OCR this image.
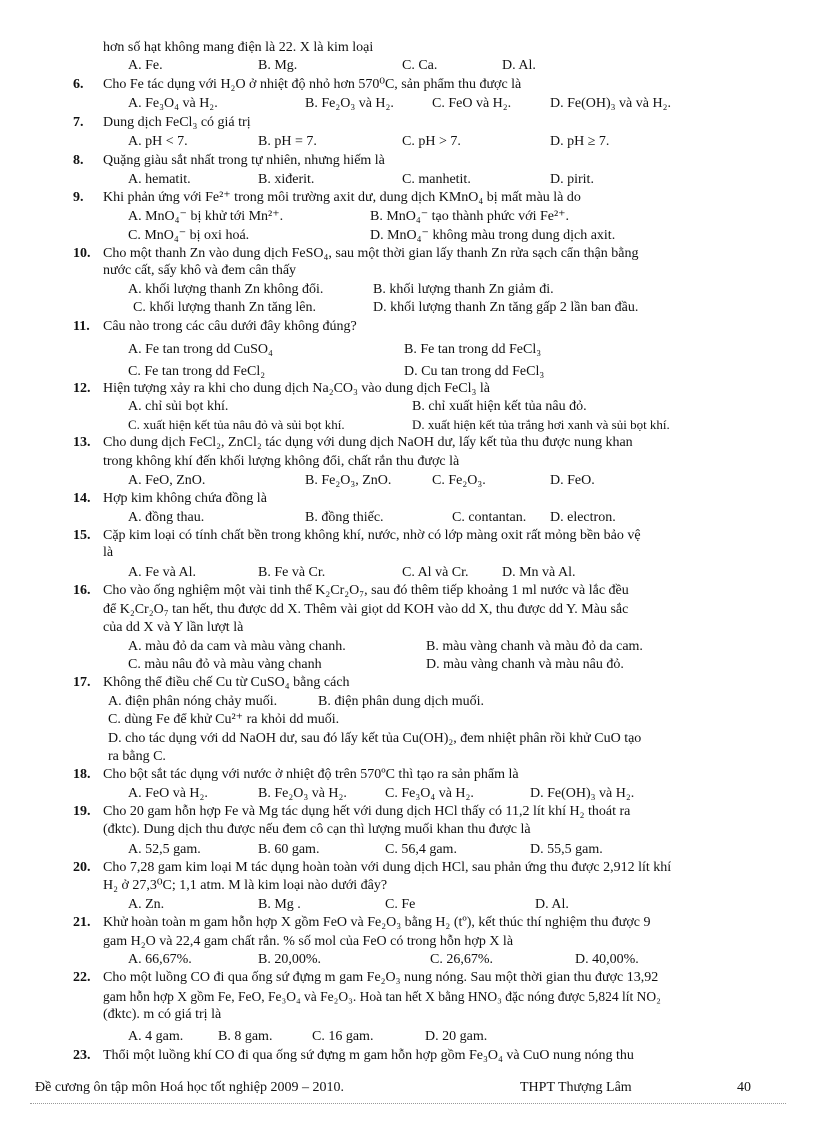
hơn số hạt không mang điện là 22. X là kim loại
A. Fe.	B. Mg.	C. Ca.	D. Al.
6. Cho Fe tác dụng với H₂O ở nhiệt độ nhỏ hơn 570⁰C, sản phẩm thu được là
A. Fe₃O₄ và H₂.	B. Fe₂O₃ và H₂.	C. FeO và H₂.	D. Fe(OH)₃ và và H₂.
7. Dung dịch FeCl₃ có giá trị
A. pH < 7.	B. pH = 7.	C. pH > 7.	D. pH ≥ 7.
8. Quặng giàu sắt nhất trong tự nhiên, nhưng hiếm là
A. hematit.	B. xiđerit.	C. manhetit.	D. pirit.
9. Khi phản ứng với Fe²⁺ trong môi trường axit dư, dung dịch KMnO₄ bị mất màu là do
A. MnO₄⁻ bị khử tới Mn²⁺.	B. MnO₄⁻ tạo thành phức với Fe²⁺.
C. MnO₄⁻ bị oxi hoá.	D. MnO₄⁻ không màu trong dung dịch axit.
10. Cho một thanh Zn vào dung dịch FeSO₄, sau một thời gian lấy thanh Zn rửa sạch cẩn thận bằng
nước cất, sấy khô và đem cân thấy
A. khối lượng thanh Zn không đổi.	B. khối lượng thanh Zn giảm đi.
C. khối lượng thanh Zn tăng lên.	D. khối lượng thanh Zn tăng gấp 2 lần ban đầu.
11. Câu nào trong các câu dưới đây không đúng?
A. Fe tan trong dd CuSO₄	B. Fe tan trong dd FeCl₃
C. Fe tan trong dd FeCl₂	D. Cu tan trong dd FeCl₃
12. Hiện tượng xảy ra khi cho dung dịch Na₂CO₃ vào dung dịch FeCl₃ là
A. chỉ sủi bọt khí.	B. chỉ xuất hiện kết tủa nâu đỏ.
C. xuất hiện kết tủa nâu đỏ và sủi bọt khí.	D. xuất hiện kết tủa trắng hơi xanh và sủi bọt khí.
13. Cho dung dịch FeCl₂, ZnCl₂ tác dụng với dung dịch NaOH dư, lấy kết tủa thu được nung khan
trong không khí đến khối lượng không đổi, chất rắn thu được là
A. FeO, ZnO.	B. Fe₂O₃, ZnO.	C. Fe₂O₃.	D. FeO.
14. Hợp kim không chứa đồng là
A. đồng thau.	B. đồng thiếc.	C. contantan. D. electron.
15. Cặp kim loại có tính chất bền trong không khí, nước, nhờ có lớp màng oxit rất mỏng bền bảo vệ
là
A. Fe và Al.	B. Fe và Cr.	C. Al và Cr. D. Mn và Al.
16. Cho vào ống nghiệm một vài tinh thể K₂Cr₂O₇, sau đó thêm tiếp khoảng 1 ml nước và lắc đều
để K₂Cr₂O₇ tan hết, thu được dd X. Thêm vài giọt dd KOH vào dd X, thu được dd Y. Màu sắc
của dd X và Y lần lượt là
A. màu đỏ da cam và màu vàng chanh.	B. màu vàng chanh và màu đỏ da cam.
C. màu nâu đỏ và màu vàng chanh	D. màu vàng chanh và màu nâu đỏ.
17. Không thể điều chế Cu từ CuSO₄ bằng cách
A. điện phân nóng chảy muối.	B. điện phân dung dịch muối.
C. dùng Fe để khử Cu²⁺ ra khỏi dd muối.
D. cho tác dụng với dd NaOH dư, sau đó lấy kết tủa Cu(OH)₂, đem nhiệt phân rồi khử CuO tạo
ra bằng C.
18. Cho bột sắt tác dụng với nước ở nhiệt độ trên 570ºC thì tạo ra sản phẩm là
A. FeO và H₂.	B. Fe₂O₃ và H₂.	C. Fe₃O₄ và H₂.	D. Fe(OH)₃ và H₂.
19. Cho 20 gam hỗn hợp Fe và Mg tác dụng hết với dung dịch HCl thấy có 11,2 lít khí H₂ thoát ra
(đktc). Dung dịch thu được nếu đem cô cạn thì lượng muối khan thu được là
A. 52,5 gam.	B. 60 gam.	C. 56,4 gam.	D. 55,5 gam.
20. Cho 7,28 gam kim loại M tác dụng hoàn toàn với dung dịch HCl, sau phản ứng thu được 2,912 lít khí
H₂ ở 27,3⁰C; 1,1 atm. M là kim loại nào dưới đây?
A. Zn.	B. Mg .	C. Fe	D. Al.
21. Khử hoàn toàn m gam hỗn hợp X gồm FeO và Fe₂O₃ bằng H₂ (tº), kết thúc thí nghiệm thu được 9
gam H₂O và 22,4 gam chất rắn. % số mol của FeO có trong hỗn hợp X là
A. 66,67%.	B. 20,00%.	C. 26,67%.	D. 40,00%.
22. Cho một luồng CO đi qua ống sứ đựng m gam Fe₂O₃ nung nóng. Sau một thời gian thu được 13,92
gam hỗn hợp X gồm Fe, FeO, Fe₃O₄ và Fe₂O₃. Hoà tan hết X bằng HNO₃ đặc nóng được 5,824 lít NO₂
(đktc). m có giá trị là
A. 4 gam. B. 8 gam.	C. 16 gam.	D. 20 gam.
23. Thổi một luồng khí CO đi qua ống sứ đựng m gam hỗn hợp gồm Fe₃O₄ và CuO nung nóng thu
Đề cương ôn tập môn Hoá học tốt nghiệp 2009 – 2010.	THPT Thượng Lâm	40
